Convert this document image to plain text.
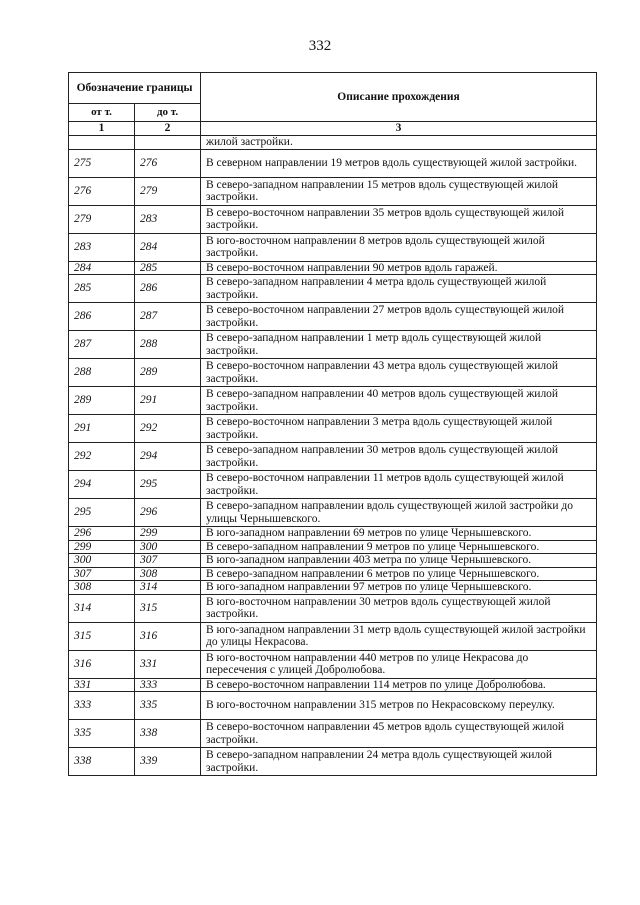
332
Обозначение границы		Описание прохождения
от т.	до т.	
1	2	3
		жилой застройки.
275	276	В северном направлении 19 метров вдоль существующей жилой застройки.
276	279	В северо-западном направлении 15 метров вдоль существующей жилой застройки.
279	283	В северо-восточном направлении 35 метров вдоль существующей жилой застройки.
283	284	В юго-восточном направлении 8 метров вдоль существующей жилой застройки.
284	285	В северо-восточном направлении 90 метров вдоль гаражей.
285	286	В северо-западном направлении 4 метра вдоль существующей жилой застройки.
286	287	В северо-восточном направлении 27 метров вдоль существующей жилой застройки.
287	288	В северо-западном направлении 1 метр вдоль существующей жилой застройки.
288	289	В северо-восточном направлении 43 метра вдоль существующей жилой застройки.
289	291	В северо-западном направлении 40 метров вдоль существующей жилой застройки.
291	292	В северо-восточном направлении 3 метра вдоль существующей жилой застройки.
292	294	В северо-западном направлении 30 метров вдоль существующей жилой застройки.
294	295	В северо-восточном направлении 11 метров вдоль существующей жилой застройки.
295	296	В северо-западном направлении вдоль существующей жилой застройки до улицы Чернышевского.
296	299	В юго-западном направлении 69 метров по улице Чернышевского.
299	300	В северо-западном направлении 9 метров по улице Чернышевского.
300	307	В юго-западном направлении 403 метра по улице Чернышевского.
307	308	В северо-западном направлении 6 метров по улице Чернышевского.
308	314	В юго-западном направлении 97 метров по улице Чернышевского.
314	315	В юго-восточном направлении 30 метров вдоль существующей жилой застройки.
315	316	В юго-западном направлении 31 метр вдоль существующей жилой застройки до улицы Некрасова.
316	331	В юго-восточном направлении 440 метров по улице Некрасова до пересечения с улицей Добролюбова.
331	333	В северо-восточном направлении 114 метров по улице Добролюбова.
333	335	В юго-восточном направлении 315 метров по Некрасовскому переулку.
335	338	В северо-восточном направлении 45 метров вдоль существующей жилой застройки.
338	339	В северо-западном направлении 24 метра вдоль существующей жилой застройки.
